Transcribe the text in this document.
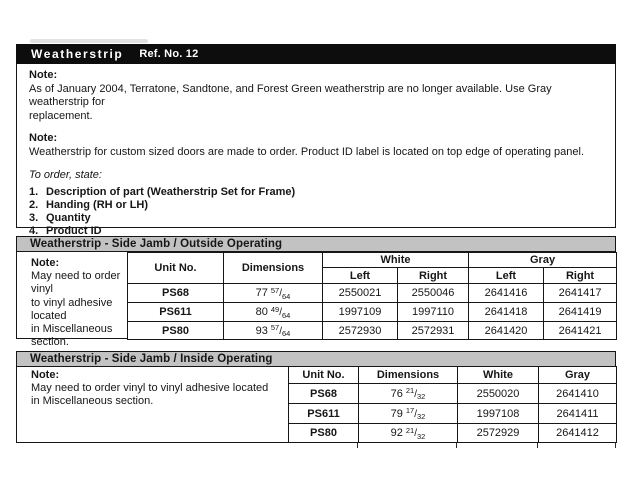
Weatherstrip Ref. No. 12
Note:
As of January 2004, Terratone, Sandtone, and Forest Green weatherstrip are no longer available. Use Gray weatherstrip for
replacement.
Note:
Weatherstrip for custom sized doors are made to order. Product ID label is located on top edge of operating panel.
To order, state:
1. Description of part (Weatherstrip Set for Frame)
2. Handing (RH or LH)
3. Quantity
4. Product ID
Weatherstrip - Side Jamb / Outside Operating
Note:
May need to order vinyl
to vinyl adhesive located
in Miscellaneous
section.
Unit No.	Dimensions	White		Gray	
		Left	Right	Left	Right
PS68	77 $^{57}/_{64}$	2550021	2550046	2641416	2641417
PS611	80 $^{49}/_{64}$	1997109	1997110	2641418	2641419
PS80	93 $^{57}/_{64}$	2572930	2572931	2641420	2641421
Weatherstrip - Side Jamb / Inside Operating
Note:
May need to order vinyl to vinyl adhesive located
in Miscellaneous section.
Unit No.	Dimensions	White	Gray
PS68	76 $^{21}/_{32}$	2550020	2641410
PS611	79 $^{17}/_{32}$	1997108	2641411
PS80	92 $^{21}/_{32}$	2572929	2641412
